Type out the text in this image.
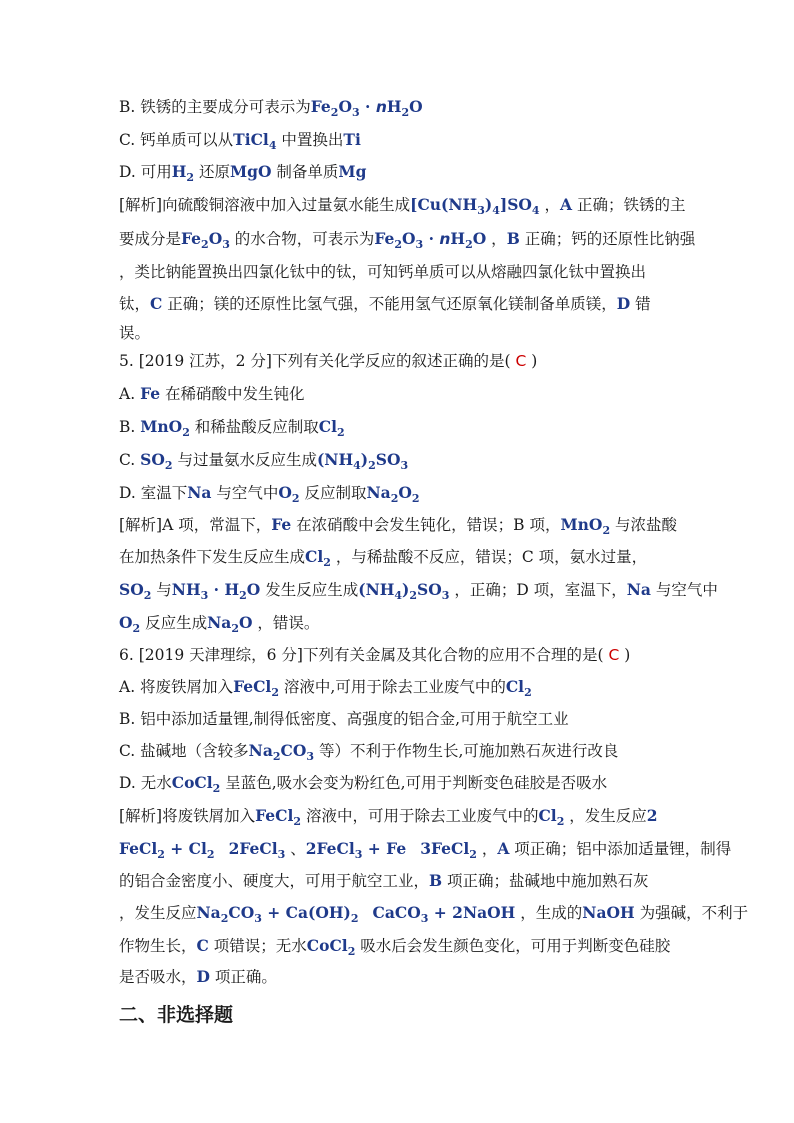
B. 铁锈的主要成分可表示为$Fe_2O_3 \cdot nH_2O$
C. 钙单质可以从TiCl$_4$ 中置换出Ti
D. 可用$H_2$ 还原MgO 制备单质Mg
[解析]向硫酸铜溶液中加入过量氨水能生成$[Cu(NH_3)_4]SO_4$ ，A 正确；铁锈的主
要成分是$Fe_2O_3$ 的水合物，可表示为$Fe_2O_3 \cdot nH_2O$ ，B 正确；钙的还原性比钠强
，类比钠能置换出四氯化钛中的钛，可知钙单质可以从熔融四氯化钛中置换出
钛，C 正确；镁的还原性比氢气强，不能用氢气还原氧化镁制备单质镁，D 错
误。
5. [2019 江苏，2 分]下列有关化学反应的叙述正确的是( C )
A. Fe 在稀硝酸中发生钝化
B. MnO$_2$ 和稀盐酸反应制取$Cl_2$
C. $SO_2$ 与过量氨水反应生成$(NH_4)_2SO_3$
D. 室温下Na 与空气中$O_2$ 反应制取$Na_2O_2$
[解析]A 项，常温下，Fe 在浓硝酸中会发生钝化，错误；B 项，MnO$_2$ 与浓盐酸
在加热条件下发生反应生成$Cl_2$ ，与稀盐酸不反应，错误；C 项，氨水过量，
$SO_2$ 与$NH_3 \cdot H_2O$ 发生反应生成$(NH_4)_2SO_3$ ，正确；D 项，室温下，Na 与空气中
$O_2$ 反应生成$Na_2O$ ，错误。
6. [2019 天津理综，6 分]下列有关金属及其化合物的应用不合理的是( C )
A. 将废铁屑加入FeCl$_2$ 溶液中,可用于除去工业废气中的$Cl_2$
B. 铝中添加适量锂,制得低密度、高强度的铝合金,可用于航空工业
C. 盐碱地（含较多$Na_2CO_3$ 等）不利于作物生长,可施加熟石灰进行改良
D. 无水CoCl$_2$ 呈蓝色,吸水会变为粉红色,可用于判断变色硅胶是否吸水
[解析]将废铁屑加入FeCl$_2$ 溶液中，可用于除去工业废气中的$Cl_2$ ，发生反应2
FeCl$_2$ + $Cl_2$ 2FeCl$_3$ 、2FeCl$_3$ + Fe 3FeCl$_2$ ，A 项正确；铝中添加适量锂，制得
的铝合金密度小、硬度大，可用于航空工业，B 项正确；盐碱地中施加熟石灰
，发生反应$Na_2CO_3 + Ca(OH)_2$ CaCO$_3$ + 2NaOH ，生成的NaOH 为强碱，不利于
作物生长，C 项错误；无水CoCl$_2$ 吸水后会发生颜色变化，可用于判断变色硅胶
是否吸水，D 项正确。
二、非选择题
